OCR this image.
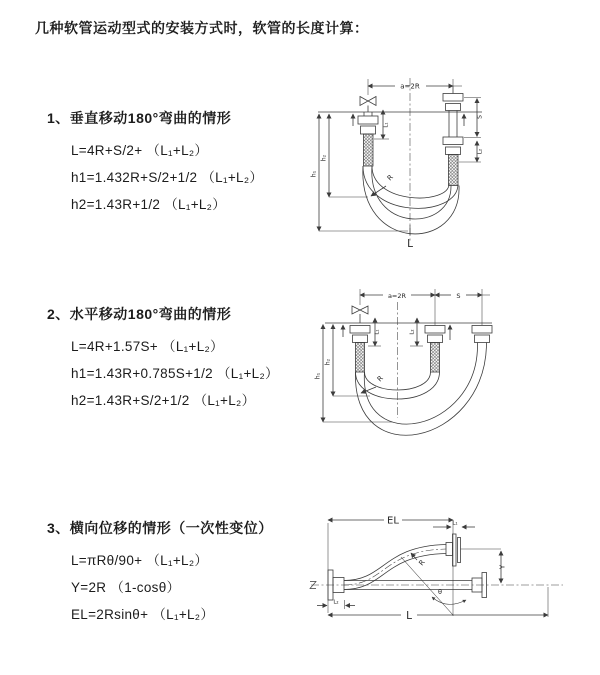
几种软管运动型式的安装方式时，软管的长度计算：
1、垂直移动180°弯曲的情形
L=4R+S/2+ （L₁+L₂）
h1=1.432R+S/2+1/2 （L₁+L₂）
h2=1.43R+1/2 （L₁+L₂）
2、水平移动180°弯曲的情形
L=4R+1.57S+ （L₁+L₂）
h1=1.43R+0.785S+1/2 （L₁+L₂）
h2=1.43R+S/2+1/2 （L₁+L₂）
3、横向位移的情形（一次性变位）
L=πRθ/90+ （L₁+L₂）
Y=2R （1-cosθ）
EL=2Rsinθ+ （L₁+L₂）
a=2R
L₁
S
L₂
h₂
h₁	R
L
a=2R	S
L₁	L₂
h₂
h₁	R
EL	L₁
Y
R
θ
L
L₂
